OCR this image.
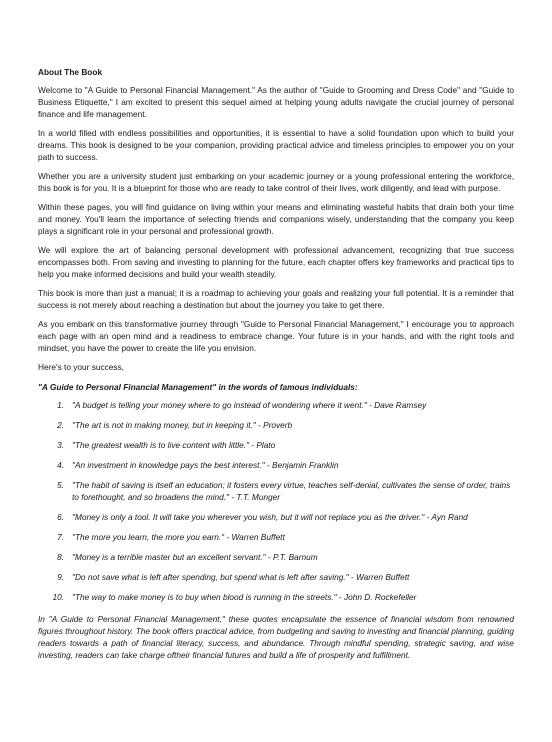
About The Book

Welcome to "A Guide to Personal Financial Management." As the author of "Guide to Grooming and Dress Code" and "Guide to Business Etiquette," I am excited to present this sequel aimed at helping young adults navigate the crucial journey of personal finance and life management.

In a world filled with endless possibilities and opportunities, it is essential to have a solid foundation upon which to build your dreams. This book is designed to be your companion, providing practical advice and timeless principles to empower you on your path to success.

Whether you are a university student just embarking on your academic journey or a young professional entering the workforce, this book is for you. It is a blueprint for those who are ready to take control of their lives, work diligently, and lead with purpose.

Within these pages, you will find guidance on living within your means and eliminating wasteful habits that drain both your time and money. You'll learn the importance of selecting friends and companions wisely, understanding that the company you keep plays a significant role in your personal and professional growth.

We will explore the art of balancing personal development with professional advancement, recognizing that true success encompasses both. From saving and investing to planning for the future, each chapter offers key frameworks and practical tips to help you make informed decisions and build your wealth steadily.

This book is more than just a manual; it is a roadmap to achieving your goals and realizing your full potential. It is a reminder that success is not merely about reaching a destination but about the journey you take to get there.

As you embark on this transformative journey through "Guide to Personal Financial Management," I encourage you to approach each page with an open mind and a readiness to embrace change. Your future is in your hands, and with the right tools and mindset, you have the power to create the life you envision.

Here's to your success,

"A Guide to Personal Financial Management" in the words of famous individuals:
1. "A budget is telling your money where to go instead of wondering where it went." - Dave Ramsey
2. "The art is not in making money, but in keeping it." - Proverb
3. "The greatest wealth is to live content with little." - Plato
4. "An investment in knowledge pays the best interest." - Benjamin Franklin
5. "The habit of saving is itself an education; it fosters every virtue, teaches self-denial, cultivates the sense of order, trains to forethought, and so broadens the mind." - T.T. Munger
6. "Money is only a tool. It will take you wherever you wish, but it will not replace you as the driver." - Ayn Rand
7. "The more you learn, the more you earn." - Warren Buffett
8. "Money is a terrible master but an excellent servant." - P.T. Barnum
9. "Do not save what is left after spending, but spend what is left after saving." - Warren Buffett
10. "The way to make money is to buy when blood is running in the streets." - John D. Rockefeller

In "A Guide to Personal Financial Management," these quotes encapsulate the essence of financial wisdom from renowned figures throughout history. The book offers practical advice, from budgeting and saving to investing and financial planning, guiding readers towards a path of financial literacy, success, and abundance. Through mindful spending, strategic saving, and wise investing, readers can take charge oftheir financial futures and build a life of prosperity and fulfillment.
